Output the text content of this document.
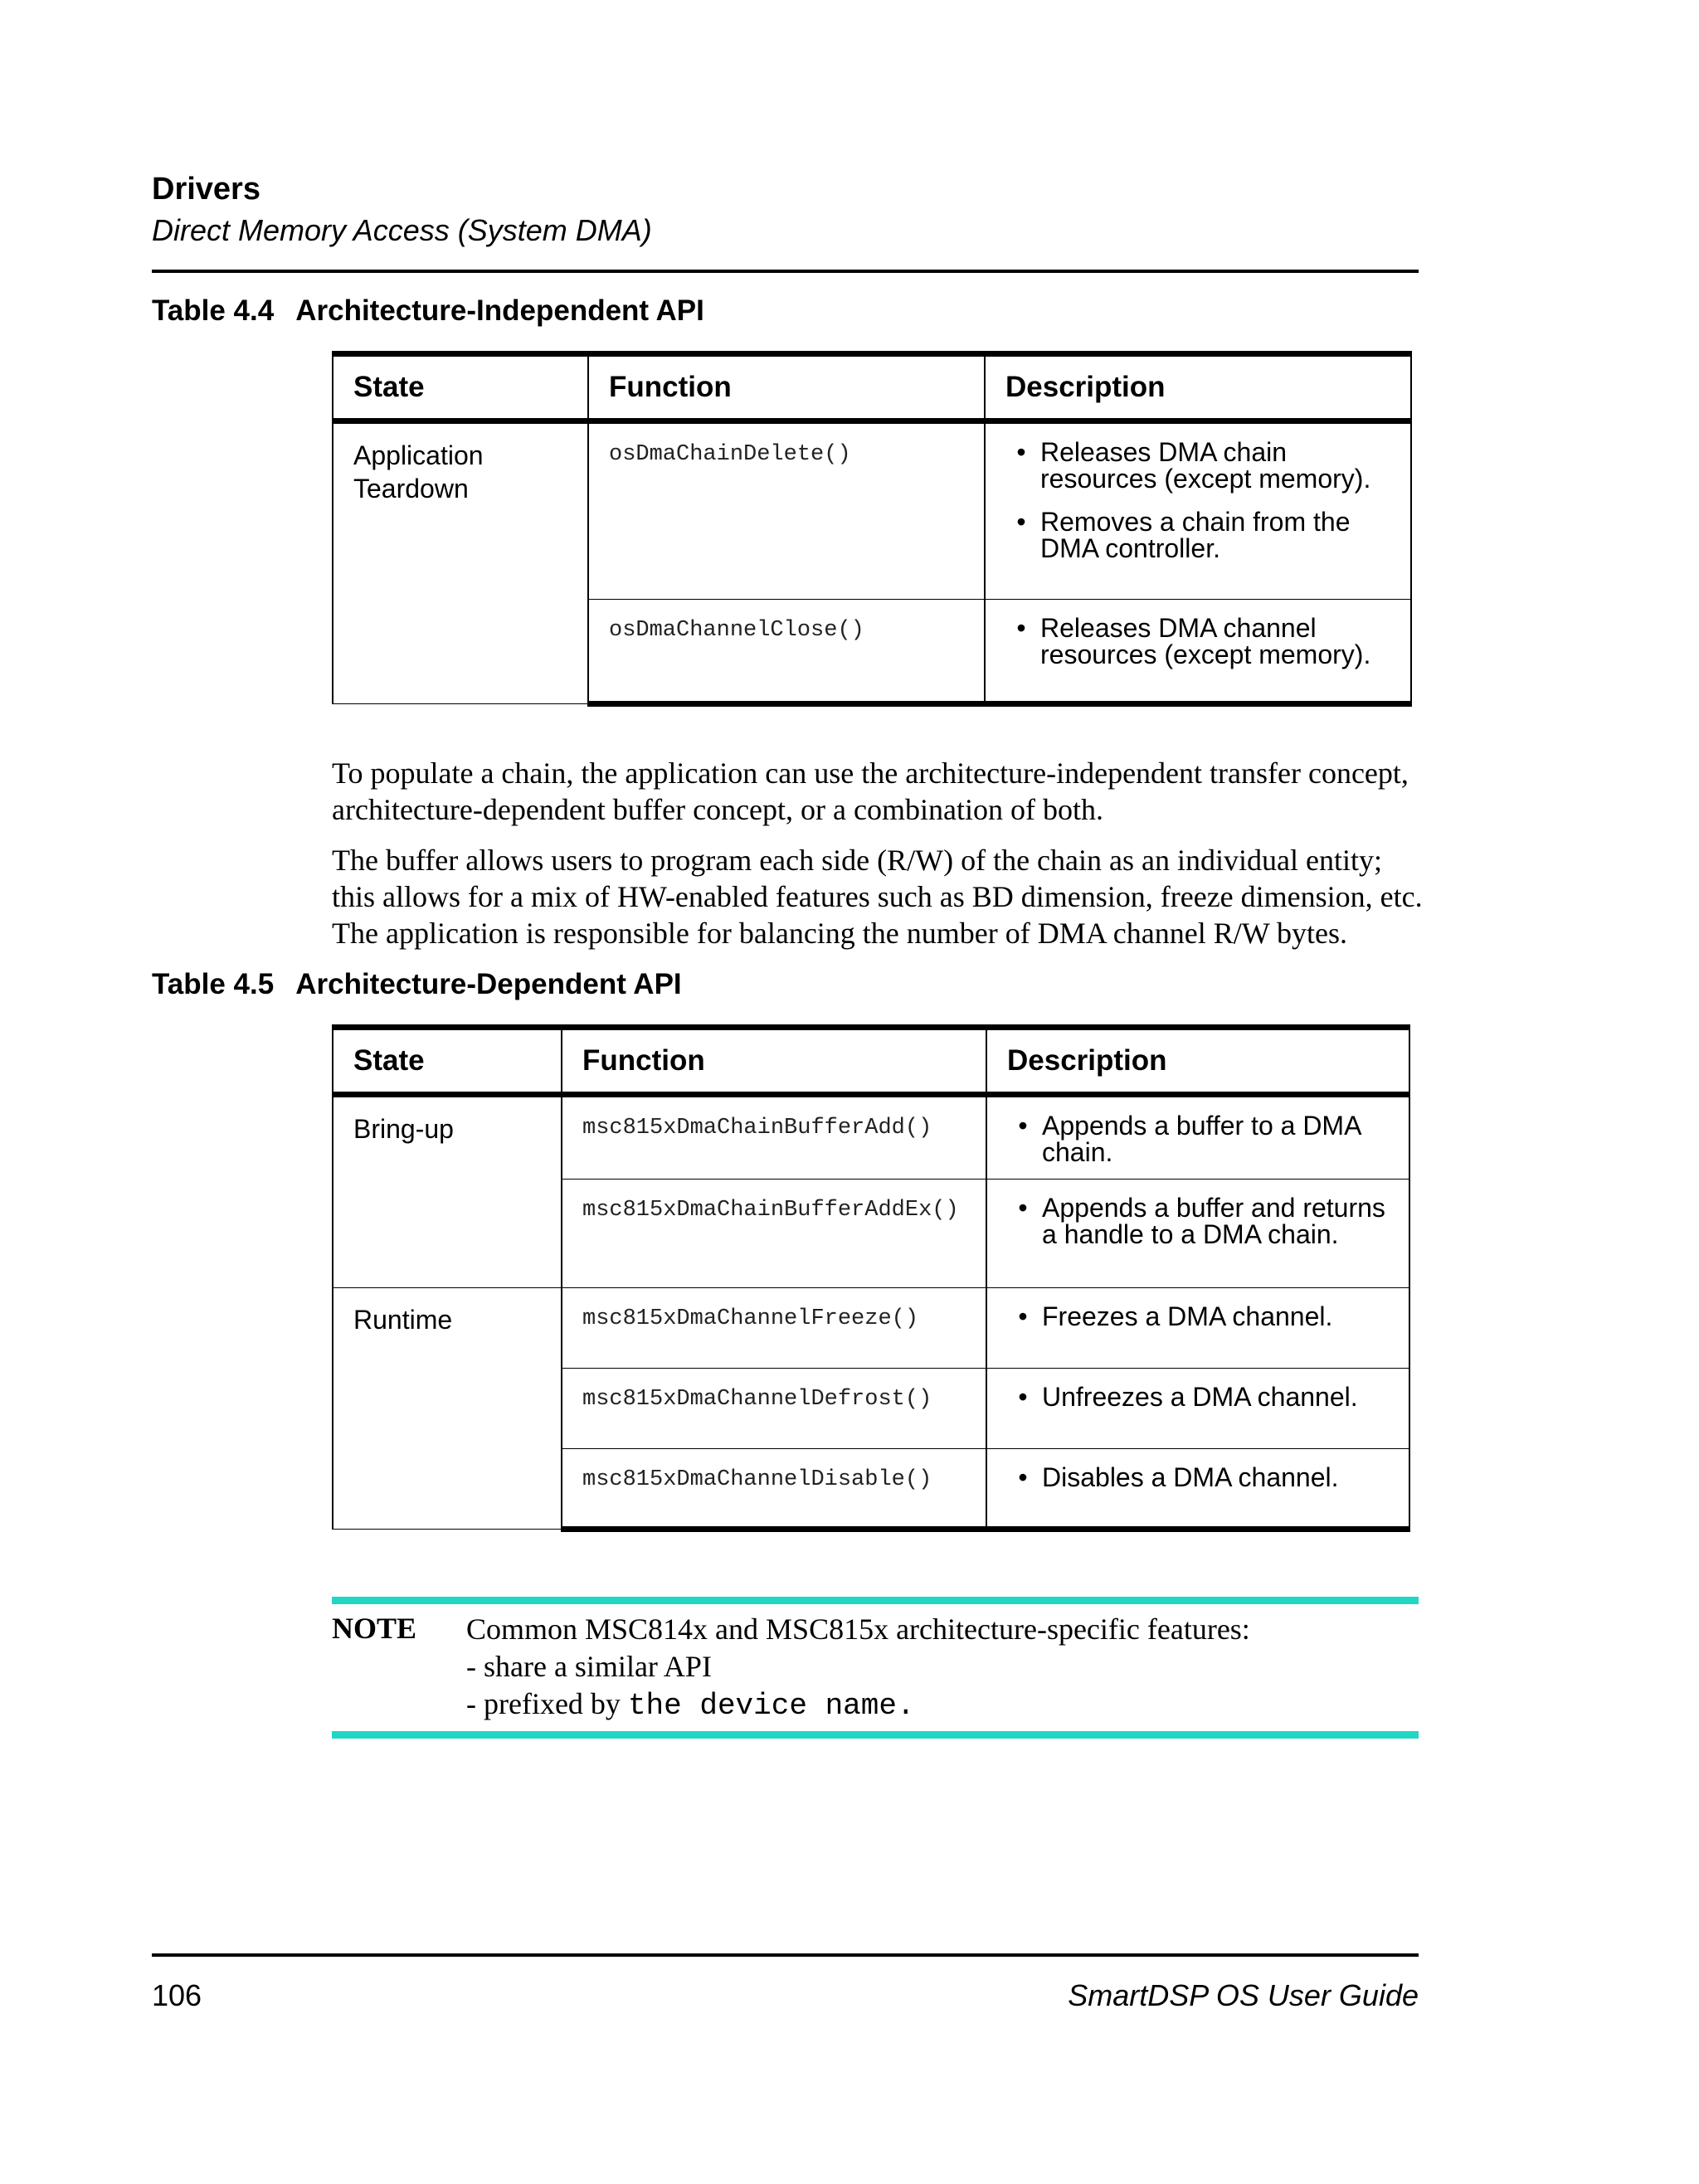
Drivers
Direct Memory Access (System DMA)
Table 4.4 Architecture-Independent API
State	Function	Description
Application Teardown	osDmaChainDelete()	• Releases DMA chain resources (except memory).
• Removes a chain from the DMA controller.

	osDmaChannelClose()	• Releases DMA channel resources (except memory).
To populate a chain, the application can use the architecture-independent transfer concept, architecture-dependent buffer concept, or a combination of both.
The buffer allows users to program each side (R/W) of the chain as an individual entity; this allows for a mix of HW-enabled features such as BD dimension, freeze dimension, etc. The application is responsible for balancing the number of DMA channel R/W bytes.
Table 4.5 Architecture-Dependent API
State	Function	Description
Bring-up	msc815xDmaChainBufferAdd()	• Appends a buffer to a DMA chain.

	msc815xDmaChainBufferAddEx()	• Appends a buffer and returns a handle to a DMA chain.

Runtime	msc815xDmaChannelFreeze()	• Freezes a DMA channel.

	msc815xDmaChannelDefrost()	• Unfreezes a DMA channel.

	msc815xDmaChannelDisable()	• Disables a DMA channel.
NOTE Common MSC814x and MSC815x architecture-specific features:
- share a similar API
- prefixed by the device name.
106	SmartDSP OS User Guide
